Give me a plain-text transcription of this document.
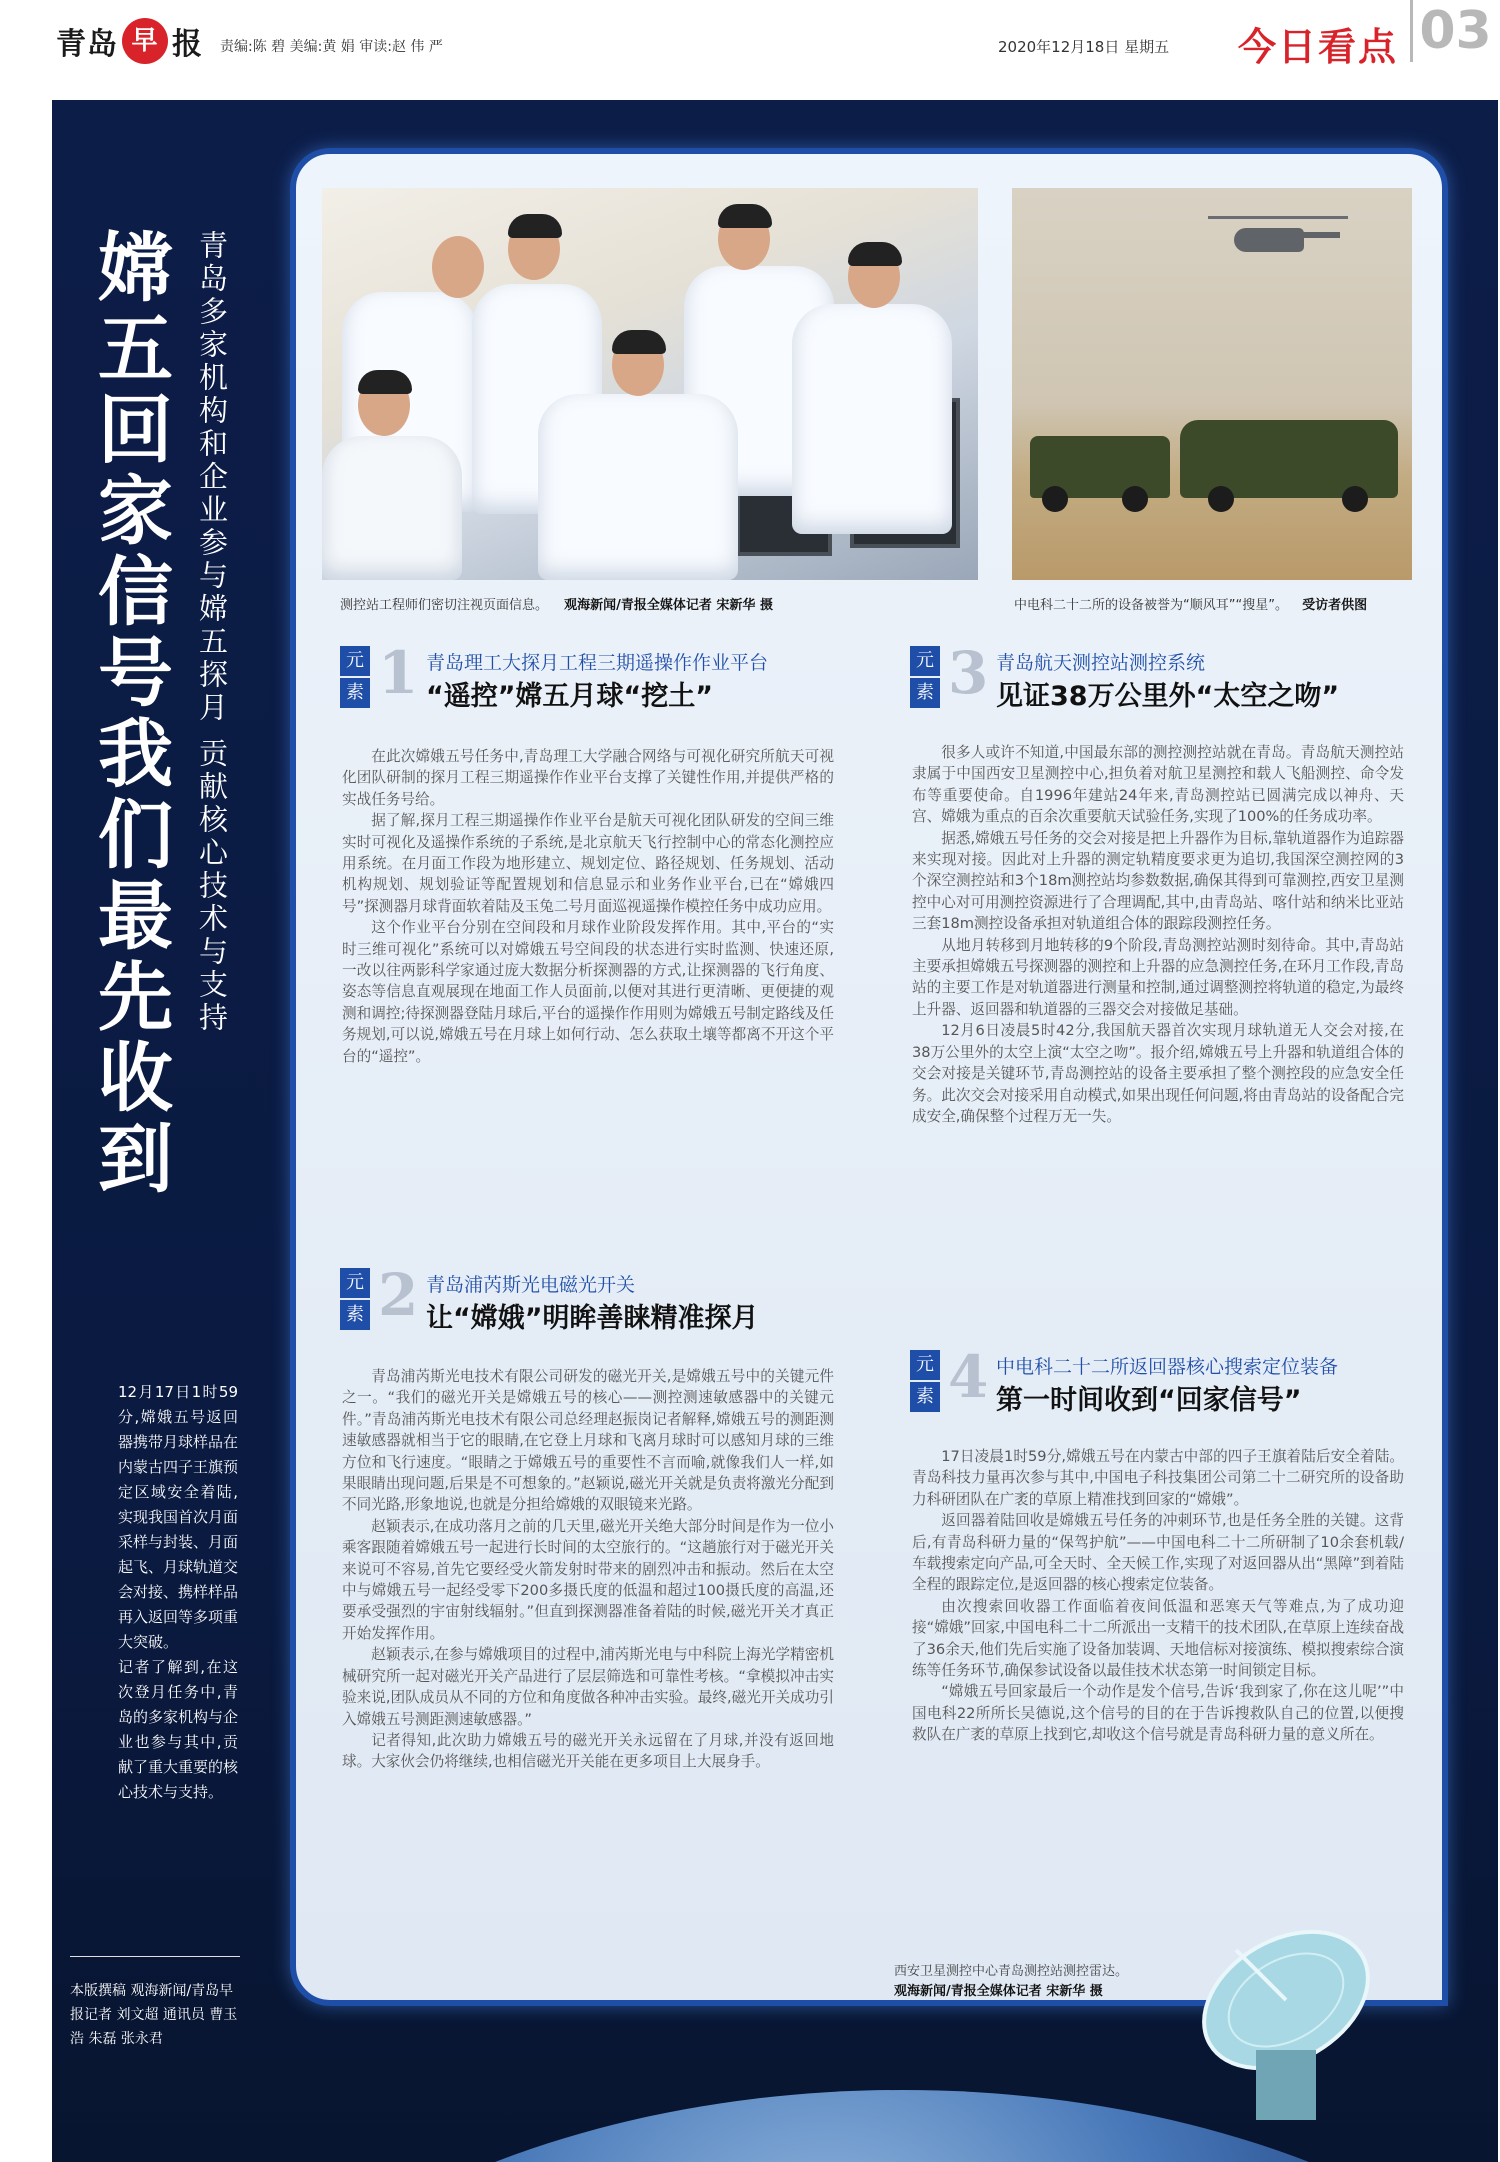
青岛 早 报 责编:陈 碧 美编:黄 娟 审读:赵 伟 严	2020年12月18日 星期五 今日看点 03
嫦五回家信号我们最先收到 青岛多家机构和企业参与嫦五探月 贡献核心技术与支持
12月17日1时59分,嫦娥五号返回器携带月球样品在内蒙古四子王旗预定区域安全着陆,实现我国首次月面采样与封装、月面起飞、月球轨道交会对接、携样样品再入返回等多项重大突破。
记者了解到,在这次登月任务中,青岛的多家机构与企业也参与其中,贡献了重大重要的核心技术与支持。
本版撰稿 观海新闻/青岛早报记者 刘文超 通讯员 曹玉浩 朱磊 张永君
测控站工程师们密切注视页面信息。 观海新闻/青报全媒体记者 宋新华 摄	中电科二十二所的设备被誉为“顺风耳”“搜星”。 受访者供图
元
素 1 青岛理工大探月工程三期遥操作作业平台
“遥控”嫦五月球“挖土”

在此次嫦娥五号任务中,青岛理工大学融合网络与可视化研究所航天可视化团队研制的探月工程三期遥操作作业平台支撑了关键性作用,并提供严格的实战任务号给。

据了解,探月工程三期遥操作作业平台是航天可视化团队研发的空间三维实时可视化及遥操作系统的子系统,是北京航天飞行控制中心的常态化测控应用系统。在月面工作段为地形建立、规划定位、路径规划、任务规划、活动机构规划、规划验证等配置规划和信息显示和业务作业平台,已在“嫦娥四号”探测器月球背面软着陆及玉兔二号月面巡视遥操作模控任务中成功应用。

这个作业平台分别在空间段和月球作业阶段发挥作用。其中,平台的“实时三维可视化”系统可以对嫦娥五号空间段的状态进行实时监测、快速还原,一改以往两影科学家通过庞大数据分析探测器的方式,让探测器的飞行角度、姿态等信息直观展现在地面工作人员面前,以便对其进行更清晰、更便捷的观测和调控;待探测器登陆月球后,平台的遥操作作用则为嫦娥五号制定路线及任务规划,可以说,嫦娥五号在月球上如何行动、怎么获取土壤等都离不开这个平台的“遥控”。

元
素 2 青岛浦芮斯光电磁光开关
让“嫦娥”明眸善睐精准探月

青岛浦芮斯光电技术有限公司研发的磁光开关,是嫦娥五号中的关键元件之一。“我们的磁光开关是嫦娥五号的核心——测控测速敏感器中的关键元件。”青岛浦芮斯光电技术有限公司总经理赵振岗记者解释,嫦娥五号的测距测速敏感器就相当于它的眼睛,在它登上月球和飞离月球时可以感知月球的三维方位和飞行速度。“眼睛之于嫦娥五号的重要性不言而喻,就像我们人一样,如果眼睛出现问题,后果是不可想象的。”赵颖说,磁光开关就是负责将激光分配到不同光路,形象地说,也就是分担给嫦娥的双眼镜来光路。

赵颖表示,在成功落月之前的几天里,磁光开关绝大部分时间是作为一位小乘客跟随着嫦娥五号一起进行长时间的太空旅行的。“这趟旅行对于磁光开关来说可不容易,首先它要经受火箭发射时带来的剧烈冲击和振动。然后在太空中与嫦娥五号一起经受零下200多摄氏度的低温和超过100摄氏度的高温,还要承受强烈的宇宙射线辐射。”但直到探测器准备着陆的时候,磁光开关才真正开始发挥作用。

赵颖表示,在参与嫦娥项目的过程中,浦芮斯光电与中科院上海光学精密机械研究所一起对磁光开关产品进行了层层筛选和可靠性考核。“拿模拟冲击实验来说,团队成员从不同的方位和角度做各种冲击实验。最终,磁光开关成功引入嫦娥五号测距测速敏感器。”

记者得知,此次助力嫦娥五号的磁光开关永远留在了月球,并没有返回地球。大家伙会仍将继续,也相信磁光开关能在更多项目上大展身手。

元
素 3 青岛航天测控站测控系统
见证38万公里外“太空之吻”

很多人或许不知道,中国最东部的测控测控站就在青岛。青岛航天测控站隶属于中国西安卫星测控中心,担负着对航卫星测控和载人飞船测控、命令发布等重要使命。自1996年建站24年来,青岛测控站已圆满完成以神舟、天宫、嫦娥为重点的百余次重要航天试验任务,实现了100%的任务成功率。

据悉,嫦娥五号任务的交会对接是把上升器作为目标,靠轨道器作为追踪器来实现对接。因此对上升器的测定轨精度要求更为追切,我国深空测控网的3个深空测控站和3个18m测控站均参数数据,确保其得到可靠测控,西安卫星测控中心对可用测控资源进行了合理调配,其中,由青岛站、喀什站和纳米比亚站三套18m测控设备承担对轨道组合体的跟踪段测控任务。

从地月转移到月地转移的9个阶段,青岛测控站测时刻待命。其中,青岛站主要承担嫦娥五号探测器的测控和上升器的应急测控任务,在环月工作段,青岛站的主要工作是对轨道器进行测量和控制,通过调整测控将轨道的稳定,为最终上升器、返回器和轨道器的三器交会对接做足基础。

12月6日凌晨5时42分,我国航天器首次实现月球轨道无人交会对接,在38万公里外的太空上演“太空之吻”。报介绍,嫦娥五号上升器和轨道组合体的交会对接是关键环节,青岛测控站的设备主要承担了整个测控段的应急安全任务。此次交会对接采用自动模式,如果出现任何问题,将由青岛站的设备配合完成安全,确保整个过程万无一失。

元
素 4 中电科二十二所返回器核心搜索定位装备
第一时间收到“回家信号”

17日凌晨1时59分,嫦娥五号在内蒙古中部的四子王旗着陆后安全着陆。青岛科技力量再次参与其中,中国电子科技集团公司第二十二研究所的设备助力科研团队在广袤的草原上精准找到回家的“嫦娥”。

返回器着陆回收是嫦娥五号任务的冲刺环节,也是任务全胜的关键。这背后,有青岛科研力量的“保驾护航”——中国电科二十二所研制了10余套机载/车载搜索定向产品,可全天时、全天候工作,实现了对返回器从出“黑障”到着陆全程的跟踪定位,是返回器的核心搜索定位装备。

由次搜索回收器工作面临着夜间低温和恶寒天气等难点,为了成功迎接“嫦娥”回家,中国电科二十二所派出一支精干的技术团队,在草原上连续奋战了36余天,他们先后实施了设备加装调、天地信标对接演练、模拟搜索综合演练等任务环节,确保参试设备以最佳技术状态第一时间锁定目标。

“嫦娥五号回家最后一个动作是发个信号,告诉‘我到家了,你在这儿呢’”中国电科22所所长吴德说,这个信号的目的在于告诉搜救队自己的位置,以便搜救队在广袤的草原上找到它,却收这个信号就是青岛科研力量的意义所在。

西安卫星测控中心青岛测控站测控雷达。
观海新闻/青报全媒体记者 宋新华 摄
